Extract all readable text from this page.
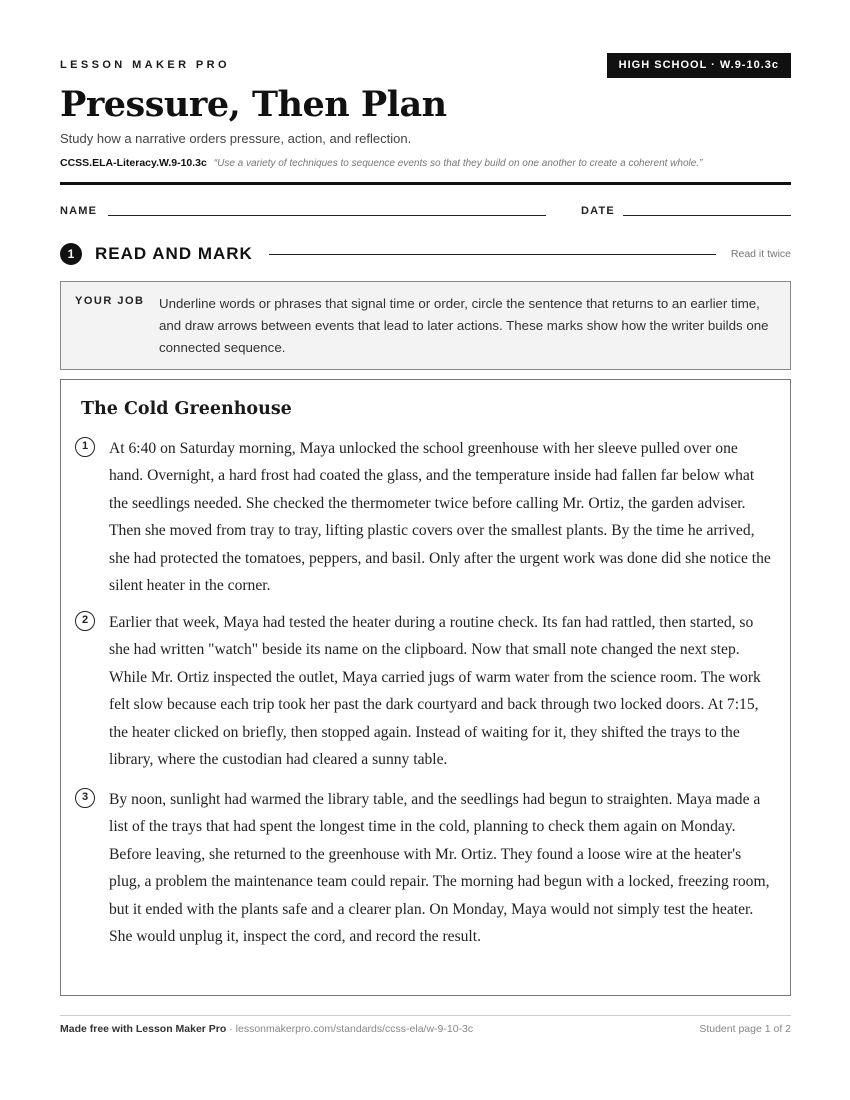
LESSON MAKER PRO	HIGH SCHOOL · W.9-10.3c
Pressure, Then Plan
Study how a narrative orders pressure, action, and reflection.
CCSS.ELA-Literacy.W.9-10.3c “Use a variety of techniques to sequence events so that they build on one another to create a coherent whole.”
NAME	DATE
1	READ AND MARK	Read it twice
YOUR JOB Underline words or phrases that signal time or order, circle the sentence that returns to an earlier time, and draw arrows between events that lead to later actions. These marks show how the writer builds one connected sequence.
The Cold Greenhouse
1	At 6:40 on Saturday morning, Maya unlocked the school greenhouse with her sleeve pulled over one hand. Overnight, a hard frost had coated the glass, and the temperature inside had fallen far below what the seedlings needed. She checked the thermometer twice before calling Mr. Ortiz, the garden adviser. Then she moved from tray to tray, lifting plastic covers over the smallest plants. By the time he arrived, she had protected the tomatoes, peppers, and basil. Only after the urgent work was done did she notice the silent heater in the corner.
2	Earlier that week, Maya had tested the heater during a routine check. Its fan had rattled, then started, so she had written "watch" beside its name on the clipboard. Now that small note changed the next step. While Mr. Ortiz inspected the outlet, Maya carried jugs of warm water from the science room. The work felt slow because each trip took her past the dark courtyard and back through two locked doors. At 7:15, the heater clicked on briefly, then stopped again. Instead of waiting for it, they shifted the trays to the library, where the custodian had cleared a sunny table.
3	By noon, sunlight had warmed the library table, and the seedlings had begun to straighten. Maya made a list of the trays that had spent the longest time in the cold, planning to check them again on Monday. Before leaving, she returned to the greenhouse with Mr. Ortiz. They found a loose wire at the heater's plug, a problem the maintenance team could repair. The morning had begun with a locked, freezing room, but it ended with the plants safe and a clearer plan. On Monday, Maya would not simply test the heater. She would unplug it, inspect the cord, and record the result.
Made free with Lesson Maker Pro · lessonmakerpro.com/standards/ccss-ela/w-9-10-3c	Student page 1 of 2
